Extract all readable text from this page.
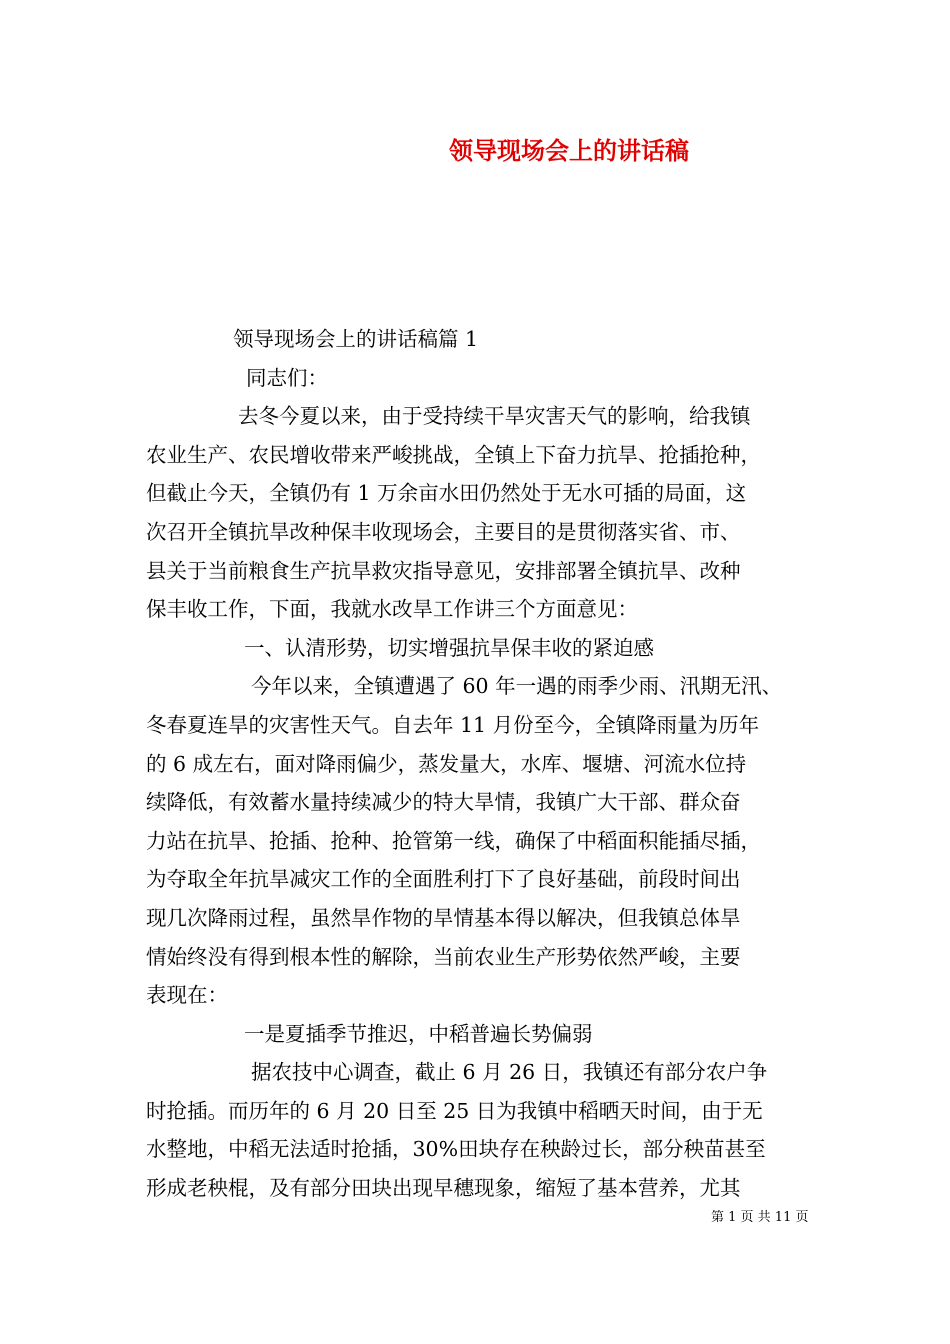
领导现场会上的讲话稿
领导现场会上的讲话稿篇 1
同志们：
去冬今夏以来，由于受持续干旱灾害天气的影响，给我镇
农业生产、农民增收带来严峻挑战，全镇上下奋力抗旱、抢插抢种，
但截止今天，全镇仍有 1 万余亩水田仍然处于无水可插的局面，这
次召开全镇抗旱改种保丰收现场会，主要目的是贯彻落实省、市、
县关于当前粮食生产抗旱救灾指导意见，安排部署全镇抗旱、改种
保丰收工作，下面，我就水改旱工作讲三个方面意见：
一、认清形势，切实增强抗旱保丰收的紧迫感
今年以来，全镇遭遇了 60 年一遇的雨季少雨、汛期无汛、
冬春夏连旱的灾害性天气。自去年 11 月份至今，全镇降雨量为历年
的 6 成左右，面对降雨偏少，蒸发量大，水库、堰塘、河流水位持
续降低，有效蓄水量持续减少的特大旱情，我镇广大干部、群众奋
力站在抗旱、抢插、抢种、抢管第一线，确保了中稻面积能插尽插，
为夺取全年抗旱减灾工作的全面胜利打下了良好基础，前段时间出
现几次降雨过程，虽然旱作物的旱情基本得以解决，但我镇总体旱
情始终没有得到根本性的解除，当前农业生产形势依然严峻，主要
表现在：
一是夏插季节推迟，中稻普遍长势偏弱
据农技中心调查，截止 6 月 26 日，我镇还有部分农户争
时抢插。而历年的 6 月 20 日至 25 日为我镇中稻晒天时间，由于无
水整地，中稻无法适时抢插，30%田块存在秧龄过长，部分秧苗甚至
形成老秧棍，及有部分田块出现早穗现象，缩短了基本营养，尤其
第 1 页 共 11 页
